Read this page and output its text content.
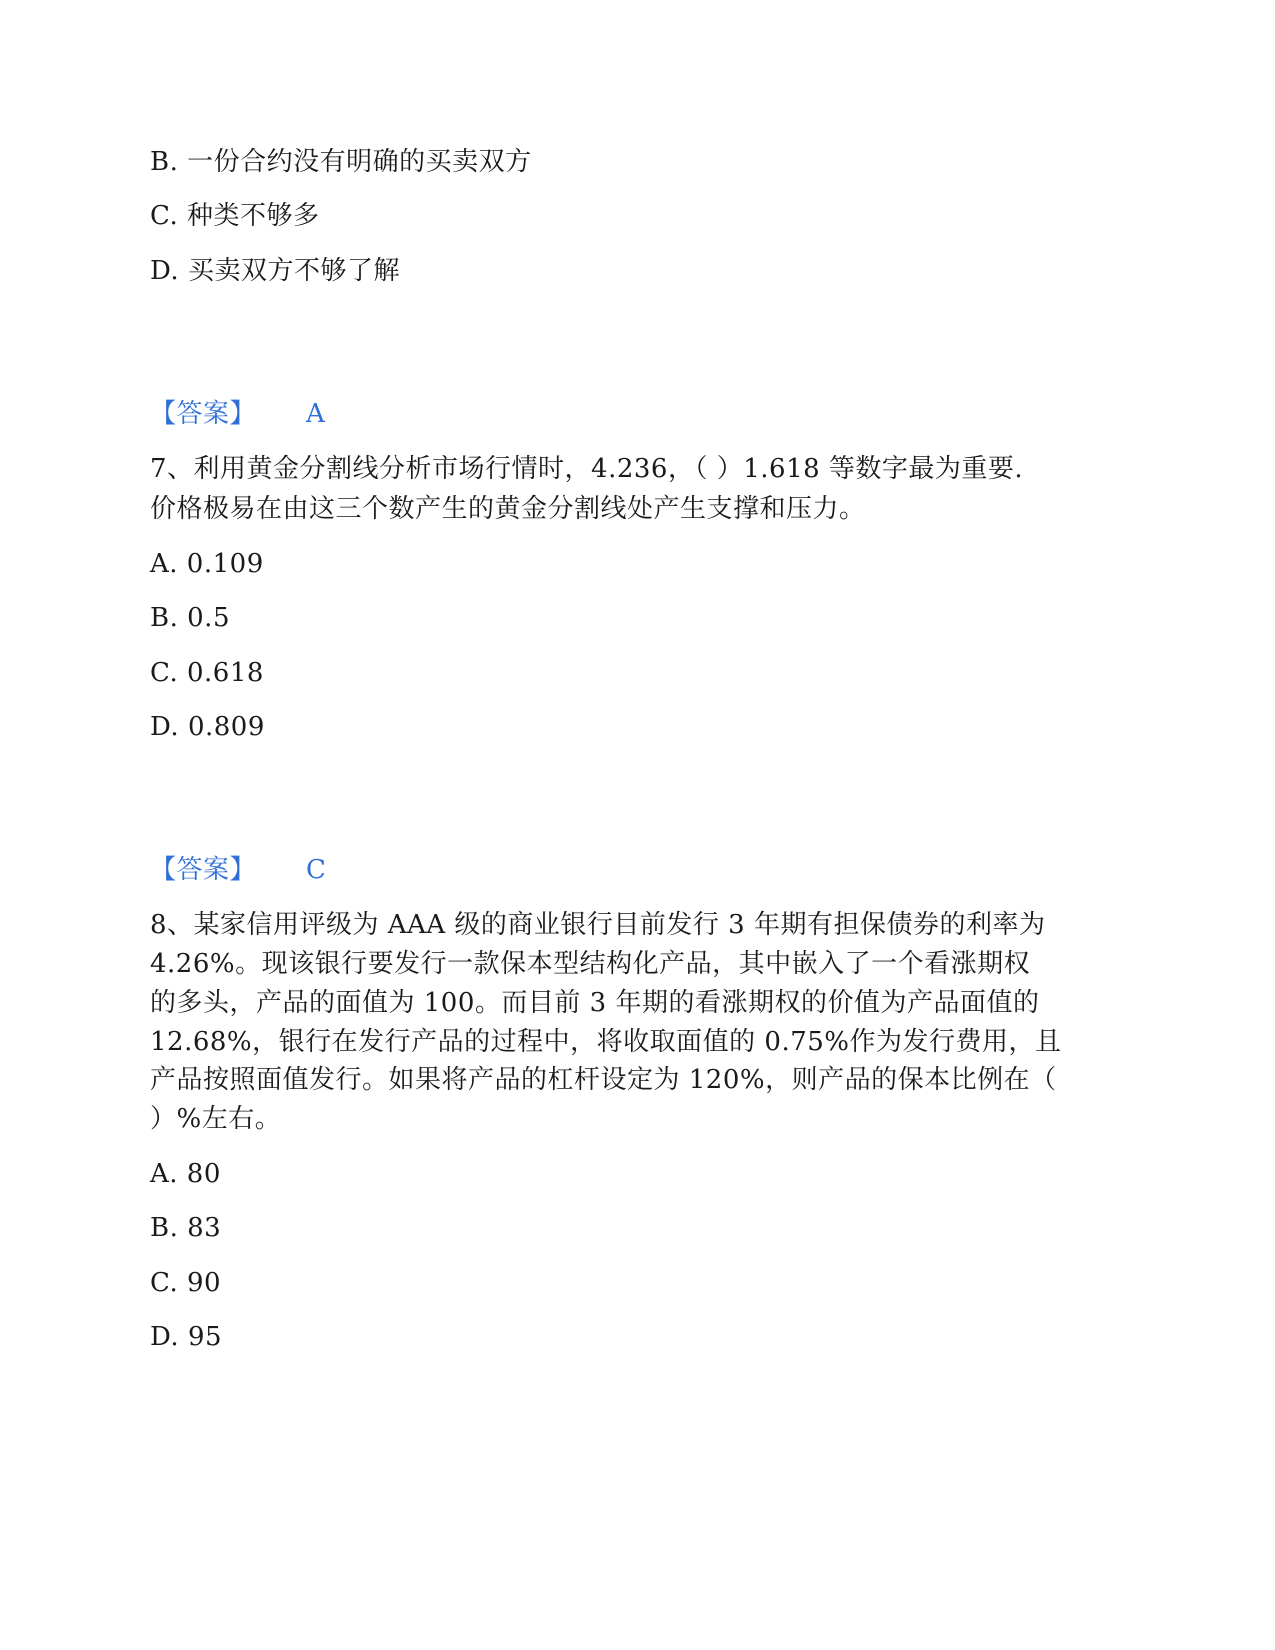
B. 一份合约没有明确的买卖双方
C. 种类不够多
D. 买卖双方不够了解
【答案】 A
7、利用黄金分割线分析市场行情时，4.236，（ ）1.618 等数字最为重要.
价格极易在由这三个数产生的黄金分割线处产生支撑和压力。
A. 0.109
B. 0.5
C. 0.618
D. 0.809
【答案】 C
8、某家信用评级为 AAA 级的商业银行目前发行 3 年期有担保债券的利率为
4.26%。现该银行要发行一款保本型结构化产品，其中嵌入了一个看涨期权
的多头，产品的面值为 100。而目前 3 年期的看涨期权的价值为产品面值的
12.68%，银行在发行产品的过程中，将收取面值的 0.75%作为发行费用，且
产品按照面值发行。如果将产品的杠杆设定为 120%，则产品的保本比例在（
）%左右。
A. 80
B. 83
C. 90
D. 95
